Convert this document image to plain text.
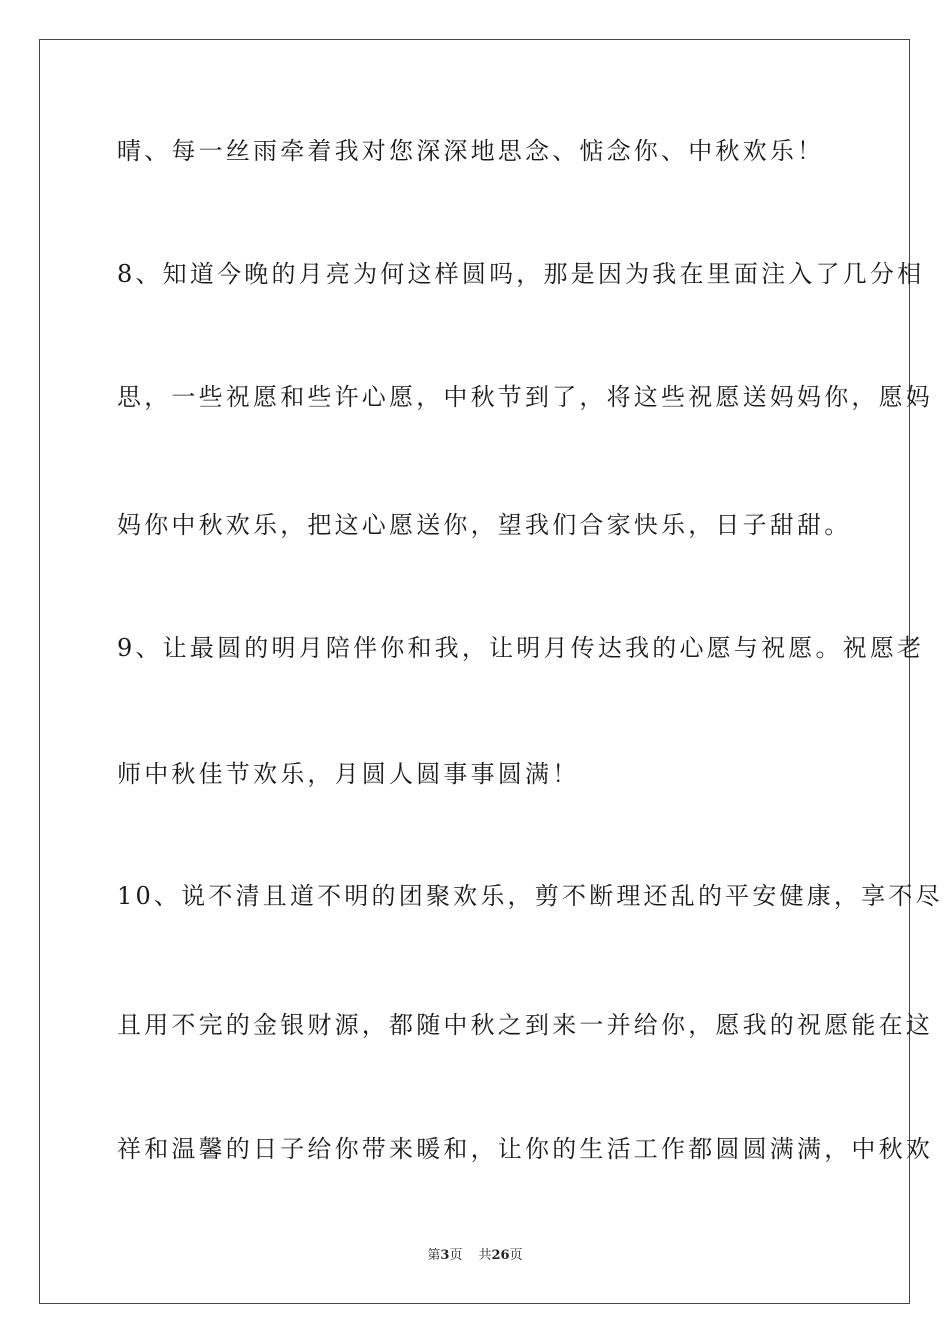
晴、每一丝雨牵着我对您深深地思念、惦念你、中秋欢乐！
8、知道今晚的月亮为何这样圆吗，那是因为我在里面注入了几分相
思，一些祝愿和些许心愿，中秋节到了，将这些祝愿送妈妈你，愿妈
妈你中秋欢乐，把这心愿送你，望我们合家快乐，日子甜甜。
9、让最圆的明月陪伴你和我，让明月传达我的心愿与祝愿。祝愿老
师中秋佳节欢乐，月圆人圆事事圆满！
10、说不清且道不明的团聚欢乐，剪不断理还乱的平安健康，享不尽
且用不完的金银财源，都随中秋之到来一并给你，愿我的祝愿能在这
祥和温馨的日子给你带来暖和，让你的生活工作都圆圆满满，中秋欢
第3页 共26页
